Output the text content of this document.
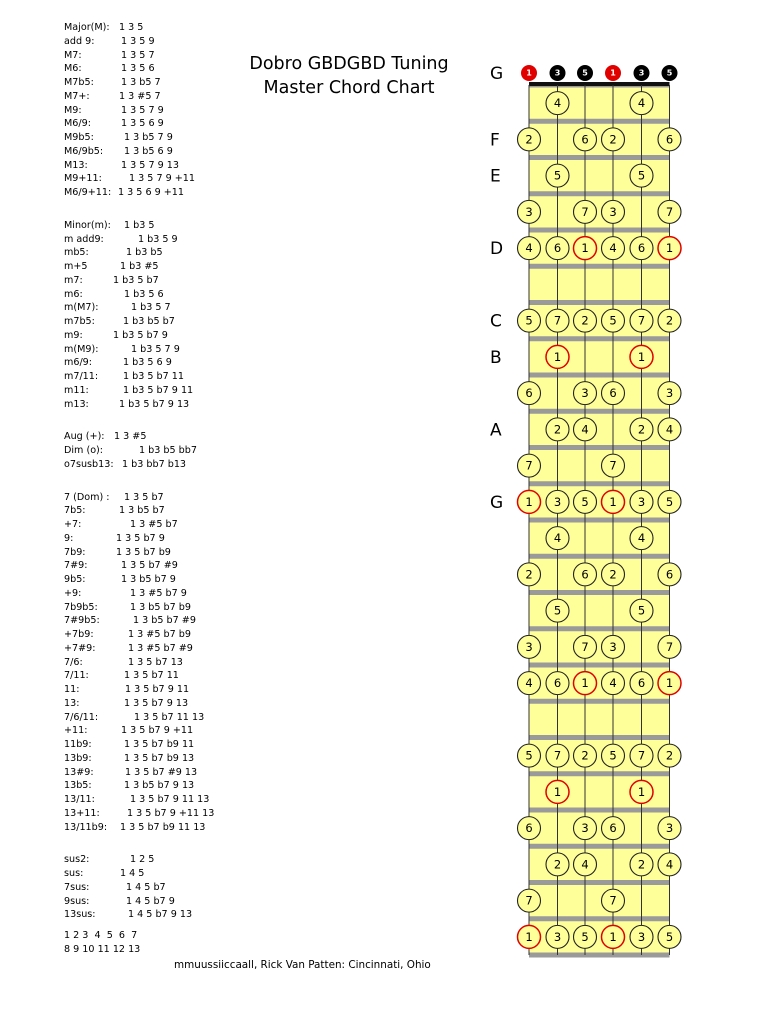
Dobro GBDGBD Tuning
Master Chord Chart
Major(M): 1 3 5
add 9:	1 3 5 9
M7:	1 3 5 7
M6:	1 3 5 6
M7b5:	1 3 b5 7
M7+:	1 3 #5 7
M9:	1 3 5 7 9
M6/9:	1 3 5 6 9
M9b5:	1 3 b5 7 9
M6/9b5: 1 3 b5 6 9
M13:	1 3 5 7 9 13
M9+11:	1 3 5 7 9 +11
M6/9+11: 1 3 5 6 9 +11
Minor(m): 1 b3 5
m add9:	1 b3 5 9
mb5:	1 b3 b5
m+5	1 b3 #5
m7:	1 b3 5 b7
m6:	1 b3 5 6
m(M7):	1 b3 5 7
m7b5:	1 b3 b5 b7
m9:	1 b3 5 b7 9
m(M9):	1 b3 5 7 9
m6/9:	1 b3 5 6 9
m7/11:	1 b3 5 b7 11
m11:	1 b3 5 b7 9 11
m13:	1 b3 5 b7 9 13
Aug (+): 1 3 #5
Dim (o):	1 b3 b5 bb7
o7susb13: 1 b3 bb7 b13
7 (Dom) : 1 3 5 b7
7b5:	1 3 b5 b7
+7:	1 3 #5 b7
9:	1 3 5 b7 9
7b9:	1 3 5 b7 b9
7#9:	1 3 5 b7 #9
9b5:	1 3 b5 b7 9
+9:	1 3 #5 b7 9
7b9b5:	1 3 b5 b7 b9
7#9b5:	1 3 b5 b7 #9
+7b9:	1 3 #5 b7 b9
+7#9:	1 3 #5 b7 #9
7/6:	1 3 5 b7 13
7/11:	1 3 5 b7 11
11:	1 3 5 b7 9 11
13:	1 3 5 b7 9 13
7/6/11:	1 3 5 b7 11 13
+11:	1 3 5 b7 9 +11
11b9:	1 3 5 b7 b9 11
13b9:	1 3 5 b7 b9 13
13#9:	1 3 5 b7 #9 13
13b5:	1 3 b5 b7 9 13
13/11:	1 3 5 b7 9 11 13
13+11:	1 3 5 b7 9 +11 13
13/11b9: 1 3 5 b7 b9 11 13
sus2:	1 2 5
sus:	1 4 5
7sus:	1 4 5 b7
9sus:	1 4 5 b7 9
13sus:	1 4 5 b7 9 13
1 2 3  4  5  6  7
8 9 10 11 12 13
mmuussiiccaall, Rick Van Patten: Cincinnati, Ohio
1	3	5	1	3	5
4	4
2	6 2	6
5	5
3	7 3	7
4 6 1 4 6 1
5 7 2 5 7 2
1	1
6	3 6	3
2 4	2 4
7	7
1 3 5 1 3 5
4	4
2	6 2	6
5	5
3	7 3	7
4 6 1 4 6 1
5 7 2 5 7 2
1	1
6	3 6	3
2 4	2 4
7	7
1 3 5 1 3 5
G
F
E
D
C
B
A
G
